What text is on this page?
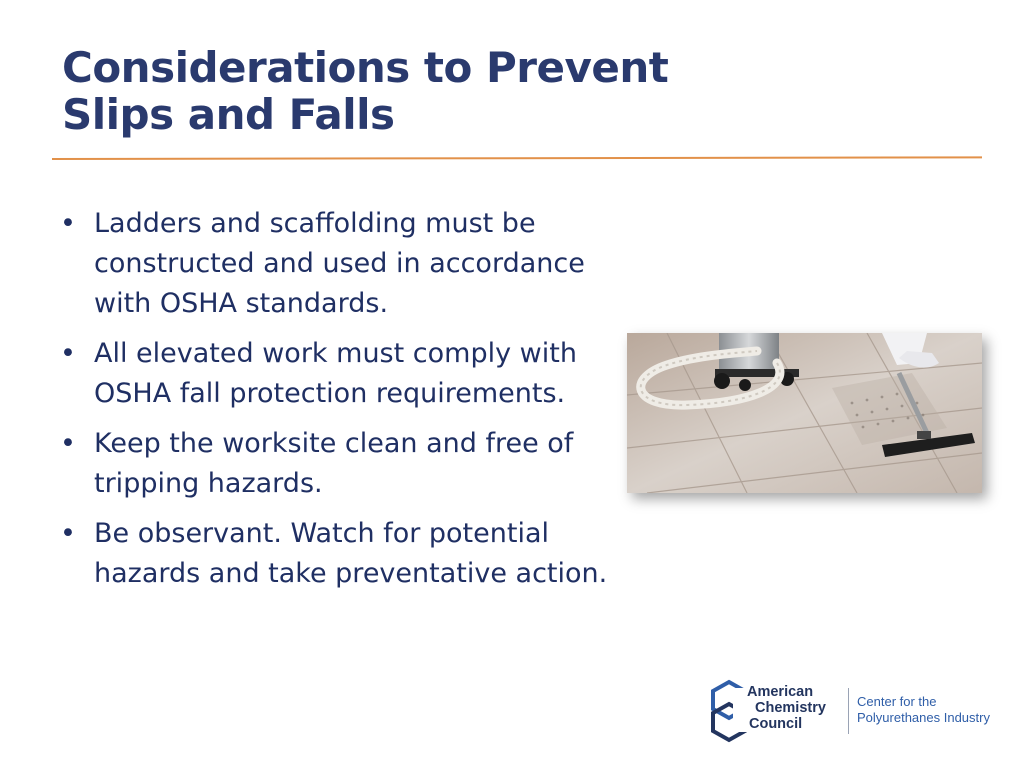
Considerations to Prevent
Slips and Falls
• Ladders and scaffolding must be constructed and used in accordance with OSHA standards.
• All elevated work must comply with OSHA fall protection requirements.
• Keep the worksite clean and free of tripping hazards.
• Be observant. Watch for potential hazards and take preventative action.
American
Chemistry
Council
Center for the
Polyurethanes Industry
